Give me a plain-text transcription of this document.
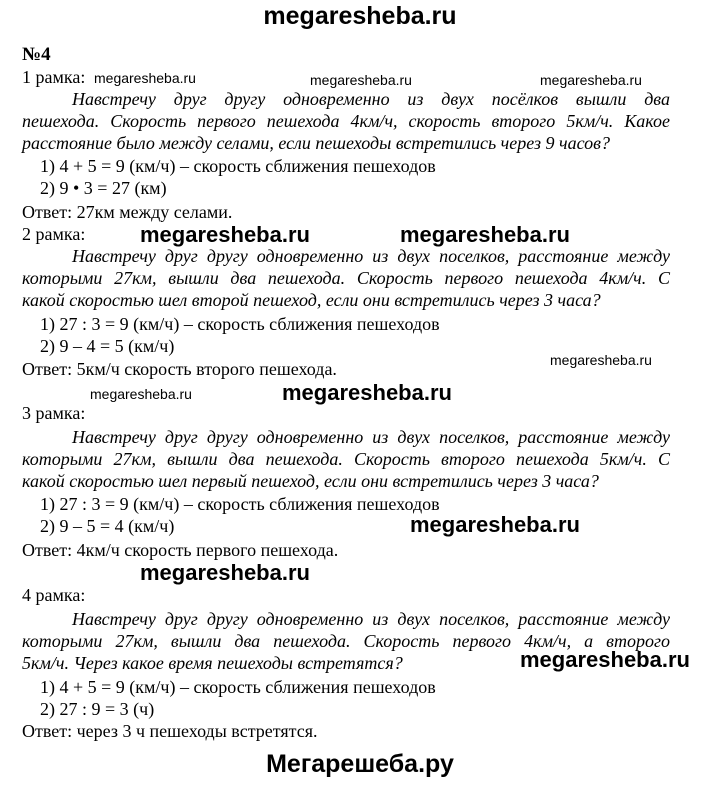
megaresheba.ru
№4
1 рамка: megaresheba.ru	megaresheba.ru	megaresheba.ru
Навстречу друг другу одновременно из двух посёлков вышли два
пешехода. Скорость первого пешехода 4км/ч, скорость второго 5км/ч. Какое
расстояние было между селами, если пешеходы встретились через 9 часов?
1) 4 + 5 = 9 (км/ч) – скорость сближения пешеходов
2) 9 • 3 = 27 (км)
Ответ: 27км между селами.
2 рамка: megaresheba.ru	megaresheba.ru
Навстречу друг другу одновременно из двух поселков, расстояние между
которыми 27км, вышли два пешехода. Скорость первого пешехода 4км/ч. С
какой скоростью шел второй пешеход, если они встретились через 3 часа?
1) 27 : 3 = 9 (км/ч) – скорость сближения пешеходов
2) 9 – 4 = 5 (км/ч)
megaresheba.ru
Ответ: 5км/ч скорость второго пешехода.
megaresheba.ru	megaresheba.ru
3 рамка:
Навстречу друг другу одновременно из двух поселков, расстояние между
которыми 27км, вышли два пешехода. Скорость второго пешехода 5км/ч. С
какой скоростью шел первый пешеход, если они встретились через 3 часа?
1) 27 : 3 = 9 (км/ч) – скорость сближения пешеходов
2) 9 – 5 = 4 (км/ч)	megaresheba.ru
Ответ: 4км/ч скорость первого пешехода.
megaresheba.ru
4 рамка:
Навстречу друг другу одновременно из двух поселков, расстояние между
которыми 27км, вышли два пешехода. Скорость первого 4км/ч, а второго
5км/ч. Через какое время пешеходы встретятся?	megaresheba.ru
1) 4 + 5 = 9 (км/ч) – скорость сближения пешеходов
2) 27 : 9 = 3 (ч)
Ответ: через 3 ч пешеходы встретятся.
Мегарешеба.ру
